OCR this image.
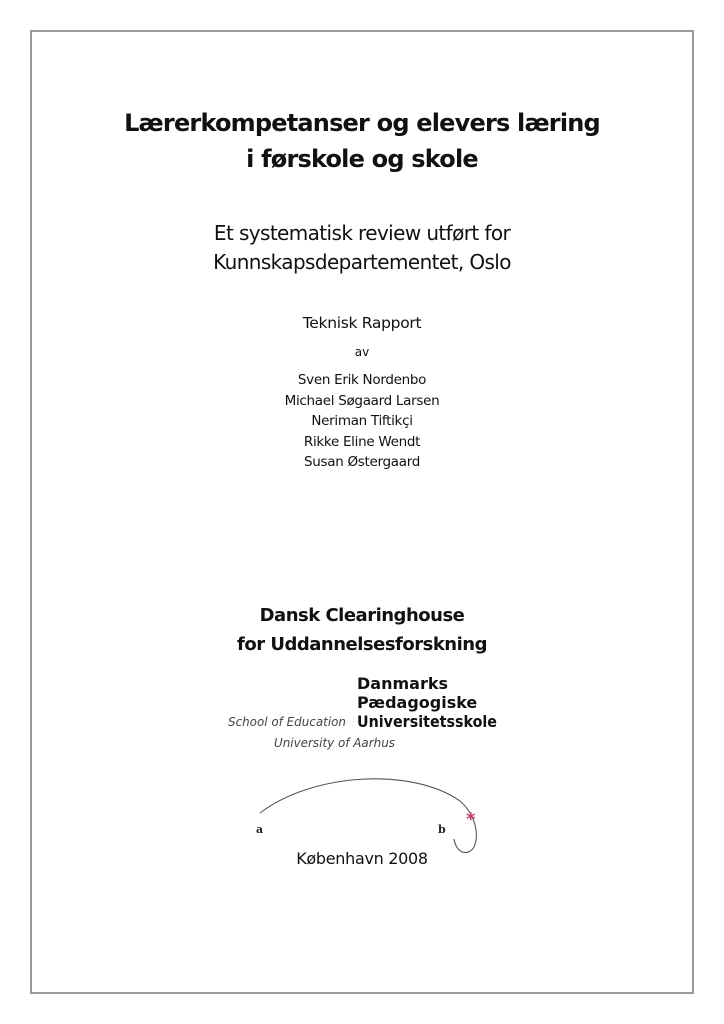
Lærerkompetanser og elevers læring
i førskole og skole
Et systematisk review utført for
Kunnskapsdepartementet, Oslo
Teknisk Rapport
av
Sven Erik Nordenbo
Michael Søgaard Larsen
Neriman Tiftikçi
Rikke Eline Wendt
Susan Østergaard
Dansk Clearinghouse
for Uddannelsesforskning
Danmarks
Pædagogiske
Universitetsskole
School of Education
University of Aarhus
a	b *
København 2008
